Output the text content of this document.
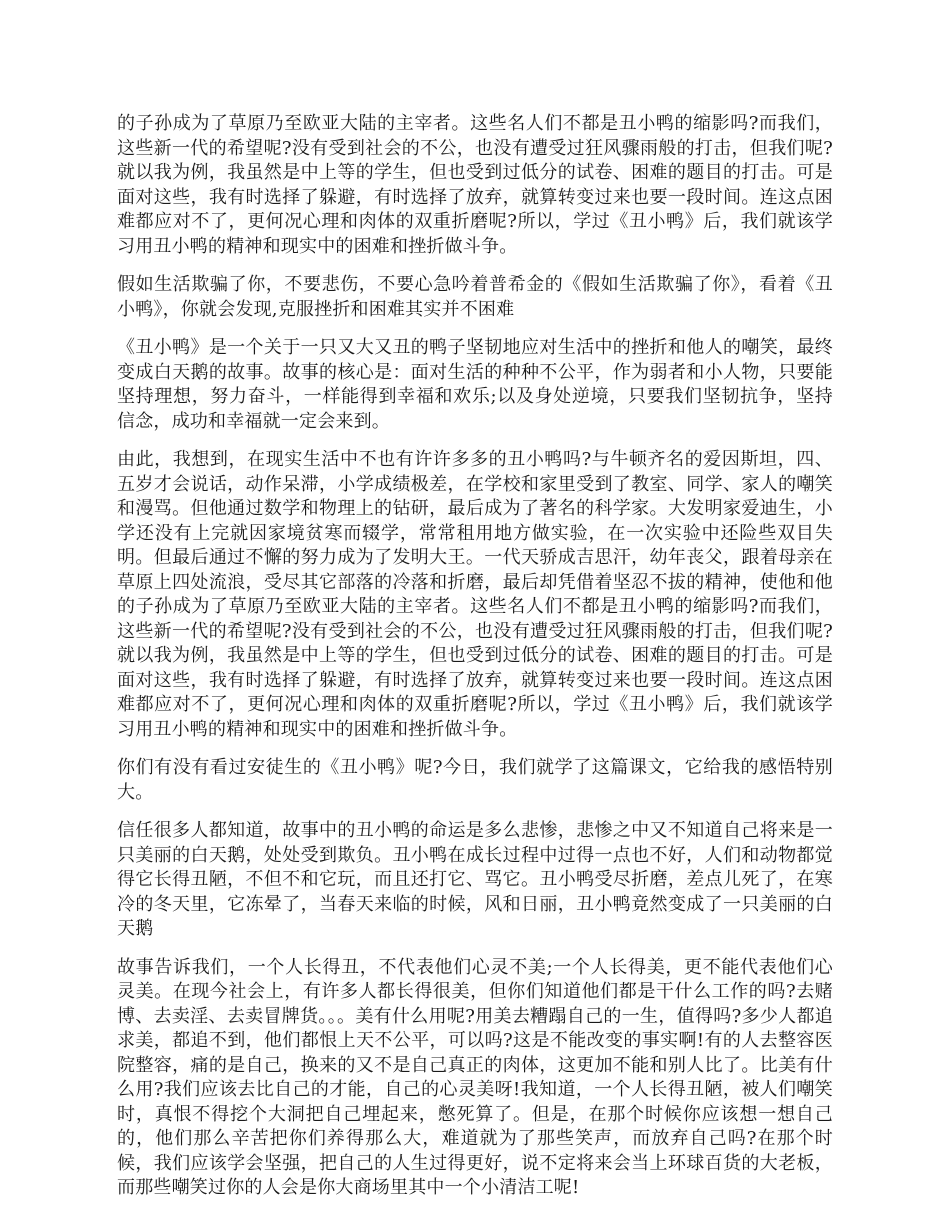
的子孙成为了草原乃至欧亚大陆的主宰者。这些名人们不都是丑小鸭的缩影吗?而我们，这些新一代的希望呢?没有受到社会的不公，也没有遭受过狂风骤雨般的打击，但我们呢?就以我为例，我虽然是中上等的学生，但也受到过低分的试卷、困难的题目的打击。可是面对这些，我有时选择了躲避，有时选择了放弃，就算转变过来也要一段时间。连这点困难都应对不了，更何况心理和肉体的双重折磨呢?所以，学过《丑小鸭》后，我们就该学习用丑小鸭的精神和现实中的困难和挫折做斗争。

假如生活欺骗了你，不要悲伤，不要心急吟着普希金的《假如生活欺骗了你》，看着《丑小鸭》，你就会发现,克服挫折和困难其实并不困难

《丑小鸭》是一个关于一只又大又丑的鸭子坚韧地应对生活中的挫折和他人的嘲笑，最终变成白天鹅的故事。故事的核心是：面对生活的种种不公平，作为弱者和小人物，只要能坚持理想，努力奋斗，一样能得到幸福和欢乐;以及身处逆境，只要我们坚韧抗争，坚持信念，成功和幸福就一定会来到。

由此，我想到，在现实生活中不也有许许多多的丑小鸭吗?与牛顿齐名的爱因斯坦，四、五岁才会说话，动作呆滞，小学成绩极差，在学校和家里受到了教室、同学、家人的嘲笑和漫骂。但他通过数学和物理上的钻研，最后成为了著名的科学家。大发明家爱迪生，小学还没有上完就因家境贫寒而辍学，常常租用地方做实验，在一次实验中还险些双目失明。但最后通过不懈的努力成为了发明大王。一代天骄成吉思汗，幼年丧父，跟着母亲在草原上四处流浪，受尽其它部落的冷落和折磨，最后却凭借着坚忍不拔的精神，使他和他的子孙成为了草原乃至欧亚大陆的主宰者。这些名人们不都是丑小鸭的缩影吗?而我们，这些新一代的希望呢?没有受到社会的不公，也没有遭受过狂风骤雨般的打击，但我们呢?就以我为例，我虽然是中上等的学生，但也受到过低分的试卷、困难的题目的打击。可是面对这些，我有时选择了躲避，有时选择了放弃，就算转变过来也要一段时间。连这点困难都应对不了，更何况心理和肉体的双重折磨呢?所以，学过《丑小鸭》后，我们就该学习用丑小鸭的精神和现实中的困难和挫折做斗争。

你们有没有看过安徒生的《丑小鸭》呢?今日，我们就学了这篇课文，它给我的感悟特别大。

信任很多人都知道，故事中的丑小鸭的命运是多么悲惨，悲惨之中又不知道自己将来是一只美丽的白天鹅，处处受到欺负。丑小鸭在成长过程中过得一点也不好，人们和动物都觉得它长得丑陋，不但不和它玩，而且还打它、骂它。丑小鸭受尽折磨，差点儿死了，在寒冷的冬天里，它冻晕了，当春天来临的时候，风和日丽，丑小鸭竟然变成了一只美丽的白天鹅

故事告诉我们，一个人长得丑，不代表他们心灵不美;一个人长得美，更不能代表他们心灵美。在现今社会上，有许多人都长得很美，但你们知道他们都是干什么工作的吗?去赌博、去卖淫、去卖冒牌货。。。美有什么用呢?用美去糟蹋自己的一生，值得吗?多少人都追求美，都追不到，他们都恨上天不公平，可以吗?这是不能改变的事实啊!有的人去整容医院整容，痛的是自己，换来的又不是自己真正的肉体，这更加不能和别人比了。比美有什么用?我们应该去比自己的才能，自己的心灵美呀!我知道，一个人长得丑陋，被人们嘲笑时，真恨不得挖个大洞把自己埋起来，憋死算了。但是，在那个时候你应该想一想自己的，他们那么辛苦把你们养得那么大，难道就为了那些笑声，而放弃自己吗?在那个时候，我们应该学会坚强，把自己的人生过得更好，说不定将来会当上环球百货的大老板，而那些嘲笑过你的人会是你大商场里其中一个小清洁工呢!
